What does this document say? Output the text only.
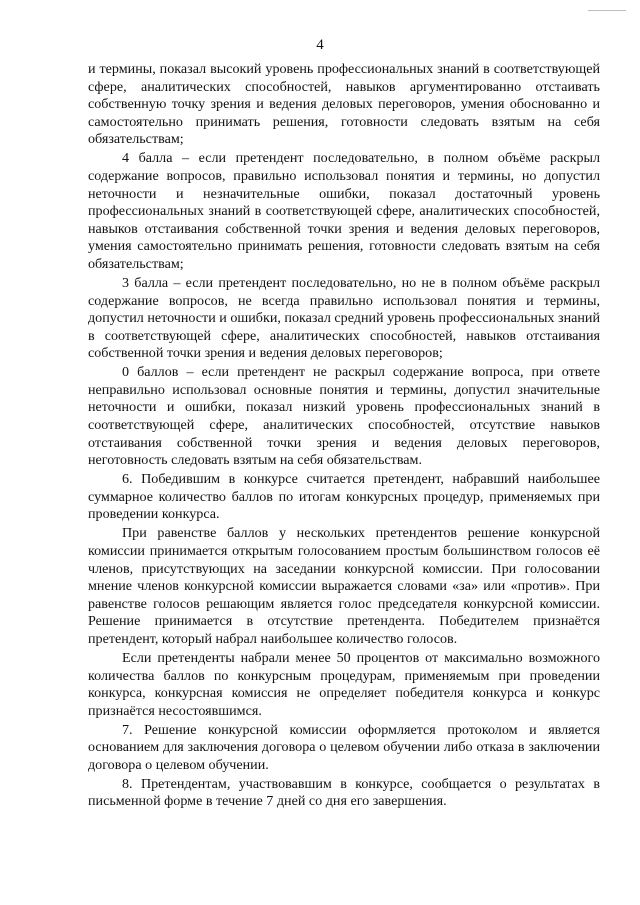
4

и термины, показал высокий уровень профессиональных знаний в соответствующей сфере, аналитических способностей, навыков аргументированно отстаивать собственную точку зрения и ведения деловых переговоров, умения обоснованно и самостоятельно принимать решения, готовности следовать взятым на себя обязательствам;

4 балла – если претендент последовательно, в полном объёме раскрыл содержание вопросов, правильно использовал понятия и термины, но допустил неточности и незначительные ошибки, показал достаточный уровень профессиональных знаний в соответствующей сфере, аналитических способностей, навыков отстаивания собственной точки зрения и ведения деловых переговоров, умения самостоятельно принимать решения, готовности следовать взятым на себя обязательствам;

3 балла – если претендент последовательно, но не в полном объёме раскрыл содержание вопросов, не всегда правильно использовал понятия и термины, допустил неточности и ошибки, показал средний уровень профессиональных знаний в соответствующей сфере, аналитических способностей, навыков отстаивания собственной точки зрения и ведения деловых переговоров;

0 баллов – если претендент не раскрыл содержание вопроса, при ответе неправильно использовал основные понятия и термины, допустил значительные неточности и ошибки, показал низкий уровень профессиональных знаний в соответствующей сфере, аналитических способностей, отсутствие навыков отстаивания собственной точки зрения и ведения деловых переговоров, неготовность следовать взятым на себя обязательствам.

6. Победившим в конкурсе считается претендент, набравший наибольшее суммарное количество баллов по итогам конкурсных процедур, применяемых при проведении конкурса.

При равенстве баллов у нескольких претендентов решение конкурсной комиссии принимается открытым голосованием простым большинством голосов её членов, присутствующих на заседании конкурсной комиссии. При голосовании мнение членов конкурсной комиссии выражается словами «за» или «против». При равенстве голосов решающим является голос председателя конкурсной комиссии. Решение принимается в отсутствие претендента. Победителем признаётся претендент, который набрал наибольшее количество голосов.

Если претенденты набрали менее 50 процентов от максимально возможного количества баллов по конкурсным процедурам, применяемым при проведении конкурса, конкурсная комиссия не определяет победителя конкурса и конкурс признаётся несостоявшимся.

7. Решение конкурсной комиссии оформляется протоколом и является основанием для заключения договора о целевом обучении либо отказа в заключении договора о целевом обучении.

8. Претендентам, участвовавшим в конкурсе, сообщается о результатах в письменной форме в течение 7 дней со дня его завершения.
